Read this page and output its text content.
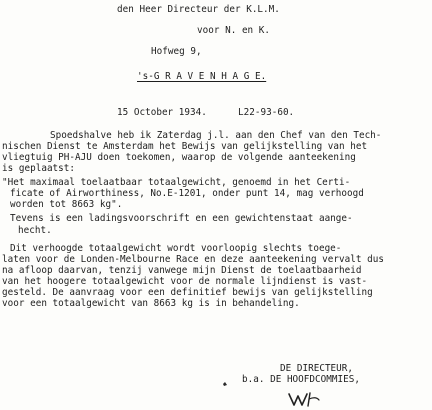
den Heer Directeur der K.L.M.
voor N. en K.
Hofweg 9,
's-G R A V E N H A G E.
15 October 1934.	L22-93-60.
Spoedshalve heb ik Zaterdag j.l. aan den Chef van den Tech-
nischen Dienst te Amsterdam het Bewijs van gelijkstelling van het
vliegtuig PH-AJU doen toekomen, waarop de volgende aanteekening
is geplaatst:
"Het maximaal toelaatbaar totaalgewicht, genoemd in het Certi-
ficate of Airworthiness, No.E-1201, onder punt 14, mag verhoogd
worden tot 8663 kg".
Tevens is een ladingsvoorschrift en een gewichtenstaat aange-
hecht.
Dit verhoogde totaalgewicht wordt voorloopig slechts toege-
laten voor de Londen-Melbourne Race en deze aanteekening vervalt dus
na afloop daarvan, tenzij vanwege mijn Dienst de toelaatbaarheid
van het hoogere totaalgewicht voor de normale lijndienst is vast-
gesteld. De aanvraag voor een definitief bewijs van gelijkstelling
voor een totaalgewicht van 8663 kg is in behandeling.
DE DIRECTEUR,
b.a. DE HOOFDCOMMIES,
